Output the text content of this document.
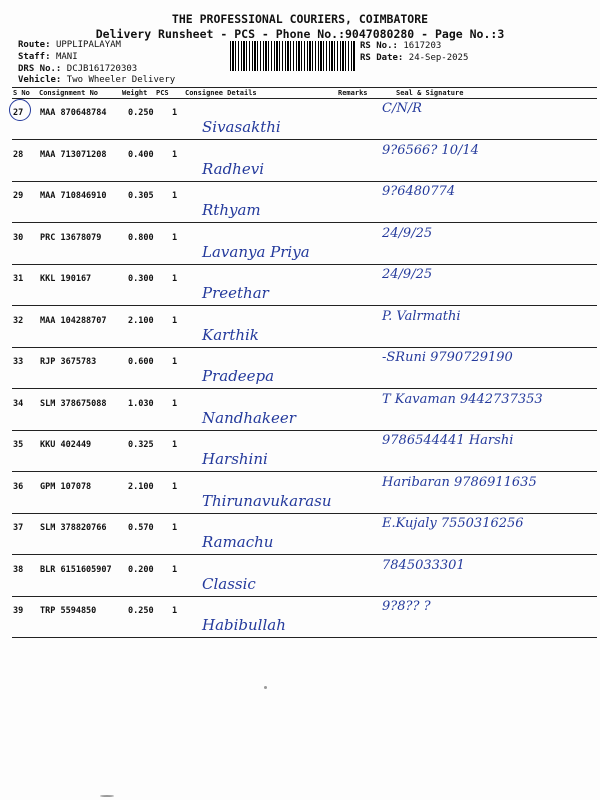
THE PROFESSIONAL COURIERS, COIMBATORE
Delivery Runsheet - PCS - Phone No.:9047080280 - Page No.:3
Route: UPPLIPALAYAM
Staff: MANI
DRS No.: DCJB161720303
Vehicle: Two Wheeler Delivery
RS No.: 1617203
RS Date: 24-Sep-2025
S No Consignment No	Weight PCS Consignee Details	Remarks	Seal & Signature
27 MAA 870648784	0.250 1
Sivasakthi
C/N/R
28 MAA 713071208	0.400 1
Radhevi
9?6566? 10/14
29 MAA 710846910	0.305 1
Rthyam
9?6480774
30 PRC 13678079	0.800 1
Lavanya Priya
24/9/25
31 KKL 190167	0.300 1
Preethar
24/9/25
32 MAA 104288707	2.100 1
Karthik
P. Valrmathi
33 RJP 3675783	0.600 1
Pradeepa
-SRuni 9790729190
34 SLM 378675088	1.030 1
Nandhakeer
T Kavaman 9442737353
35 KKU 402449	0.325 1
Harshini
9786544441 Harshi
36 GPM 107078	2.100 1
Thirunavukarasu
Haribaran 9786911635
37 SLM 378820766	0.570 1
Ramachu
E.Kujaly 7550316256
38 BLR 6151605907 0.200 1
Classic
7845033301
39 TRP 5594850	0.250 1
Habibullah
9?8?? ?
